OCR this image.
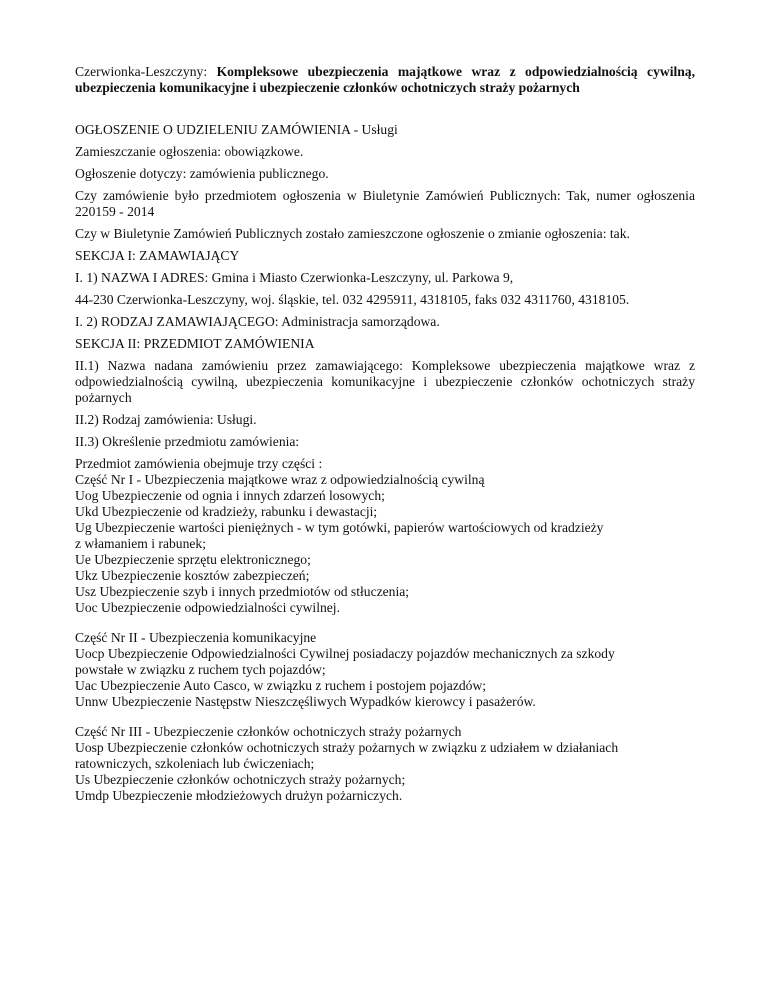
Czerwionka-Leszczyny: Kompleksowe ubezpieczenia majątkowe wraz z odpowiedzialnością cywilną, ubezpieczenia komunikacyjne i ubezpieczenie członków ochotniczych straży pożarnych

OGŁOSZENIE O UDZIELENIU ZAMÓWIENIA - Usługi

Zamieszczanie ogłoszenia: obowiązkowe.

Ogłoszenie dotyczy: zamówienia publicznego.

Czy zamówienie było przedmiotem ogłoszenia w Biuletynie Zamówień Publicznych: Tak, numer ogłoszenia 220159 - 2014

Czy w Biuletynie Zamówień Publicznych zostało zamieszczone ogłoszenie o zmianie ogłoszenia: tak.

SEKCJA I: ZAMAWIAJĄCY

I. 1) NAZWA I ADRES: Gmina i Miasto Czerwionka-Leszczyny, ul. Parkowa 9,

44-230 Czerwionka-Leszczyny, woj. śląskie, tel. 032 4295911, 4318105, faks 032 4311760, 4318105.

I. 2) RODZAJ ZAMAWIAJĄCEGO: Administracja samorządowa.

SEKCJA II: PRZEDMIOT ZAMÓWIENIA

II.1) Nazwa nadana zamówieniu przez zamawiającego: Kompleksowe ubezpieczenia majątkowe wraz z odpowiedzialnością cywilną, ubezpieczenia komunikacyjne i ubezpieczenie członków ochotniczych straży pożarnych

II.2) Rodzaj zamówienia: Usługi.

II.3) Określenie przedmiotu zamówienia:

Przedmiot zamówienia obejmuje trzy części :
Część Nr I - Ubezpieczenia majątkowe wraz z odpowiedzialnością cywilną
Uog Ubezpieczenie od ognia i innych zdarzeń losowych;
Ukd Ubezpieczenie od kradzieży, rabunku i dewastacji;
Ug Ubezpieczenie wartości pieniężnych - w tym gotówki, papierów wartościowych od kradzieży
z włamaniem i rabunek;
Ue Ubezpieczenie sprzętu elektronicznego;
Ukz Ubezpieczenie kosztów zabezpieczeń;
Usz Ubezpieczenie szyb i innych przedmiotów od stłuczenia;
Uoc Ubezpieczenie odpowiedzialności cywilnej.
Część Nr II - Ubezpieczenia komunikacyjne
Uocp Ubezpieczenie Odpowiedzialności Cywilnej posiadaczy pojazdów mechanicznych za szkody
powstałe w związku z ruchem tych pojazdów;
Uac Ubezpieczenie Auto Casco, w związku z ruchem i postojem pojazdów;
Unnw Ubezpieczenie Następstw Nieszczęśliwych Wypadków kierowcy i pasażerów.
Część Nr III - Ubezpieczenie członków ochotniczych straży pożarnych
Uosp Ubezpieczenie członków ochotniczych straży pożarnych w związku z udziałem w działaniach
ratowniczych, szkoleniach lub ćwiczeniach;
Us Ubezpieczenie członków ochotniczych straży pożarnych;
Umdp Ubezpieczenie młodzieżowych drużyn pożarniczych.
